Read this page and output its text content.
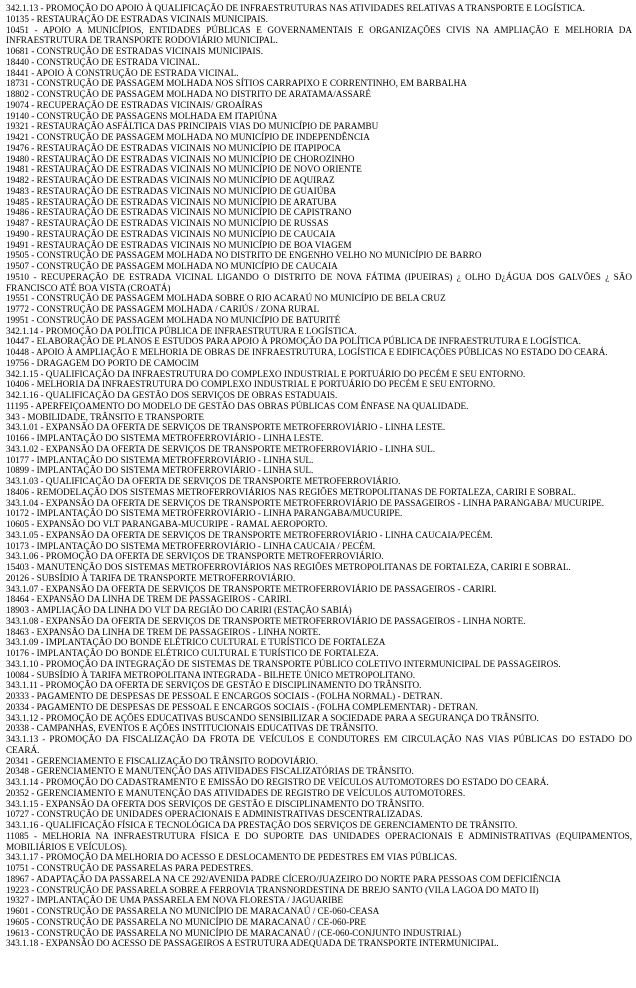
342.1.13 - PROMOÇÃO DO APOIO À QUALIFICAÇÃO DE INFRAESTRUTURAS NAS ATIVIDADES RELATIVAS A TRANSPORTE E LOGÍSTICA.

10135 - RESTAURAÇÃO DE ESTRADAS VICINAIS MUNICIPAIS.

10451 - APOIO A MUNICÍPIOS, ENTIDADES PÚBLICAS E GOVERNAMENTAIS E ORGANIZAÇÕES CIVIS NA AMPLIAÇÃO E MELHORIA DA INFRAESTRUTURA DE TRANSPORTE RODOVIÁRIO MUNICIPAL.

10681 - CONSTRUÇÃO DE ESTRADAS VICINAIS MUNICIPAIS.

18440 - CONSTRUÇÃO DE ESTRADA VICINAL.

18441 - APOIO À CONSTRUÇÃO DE ESTRADA VICINAL.

18731 - CONSTRUÇÃO DE PASSAGEM MOLHADA NOS SÍTIOS CARRAPIXO E CORRENTINHO, EM BARBALHA

18802 - CONSTRUÇÃO DE PASSAGEM MOLHADA NO DISTRITO DE ARATAMA/ASSARÉ

19074 - RECUPERAÇÃO DE ESTRADAS VICINAIS/ GROAÍRAS

19140 - CONSTRUÇÃO DE PASSAGENS MOLHADA EM ITAPIÚNA

19321 - RESTAURAÇÃO ASFÁLTICA DAS PRINCIPAIS VIAS DO MUNICÍPIO DE PARAMBU

19421 - CONSTRUÇÃO DE PASSAGEM MOLHADA NO MUNICÍPIO DE INDEPENDÊNCIA

19476 - RESTAURAÇÃO DE ESTRADAS VICINAIS NO MUNICÍPIO DE ITAPIPOCA

19480 - RESTAURAÇÃO DE ESTRADAS VICINAIS NO MUNICÍPIO DE CHOROZINHO

19481 - RESTAURAÇÃO DE ESTRADAS VICINAIS NO MUNICÍPIO DE NOVO ORIENTE

19482 - RESTAURAÇÃO DE ESTRADAS VICINAIS NO MUNICÍPIO DE AQUIRAZ

19483 - RESTAURAÇÃO DE ESTRADAS VICINAIS NO MUNICÍPIO DE GUAIÚBA

19485 - RESTAURAÇÃO DE ESTRADAS VICINAIS NO MUNICÍPIO DE ARATUBA

19486 - RESTAURAÇÃO DE ESTRADAS VICINAIS NO MUNICÍPIO DE CAPISTRANO

19487 - RESTAURAÇÃO DE ESTRADAS VICINAIS NO MUNICÍPIO DE RUSSAS

19490 - RESTAURAÇÃO DE ESTRADAS VICINAIS NO MUNICÍPIO DE CAUCAIA

19491 - RESTAURAÇÃO DE ESTRADAS VICINAIS NO MUNICÍPIO DE BOA VIAGEM

19505 - CONSTRUÇÃO DE PASSAGEM MOLHADA NO DISTRITO DE ENGENHO VELHO NO MUNICÍPIO DE BARRO

19507 - CONSTRUÇÃO DE PASSAGEM MOLHADA NO MUNICÍPIO DE CAUCAIA

19510 - RECUPERAÇÃO DE ESTRADA VICINAL LIGANDO O DISTRITO DE NOVA FÁTIMA (IPUEIRAS) ¿ OLHO D¿ÁGUA DOS GALVÕES ¿ SÃO FRANCISCO ATÉ BOA VISTA (CROATÁ)

19551 - CONSTRUÇÃO DE PASSAGEM MOLHADA SOBRE O RIO ACARAÚ NO MUNICÍPIO DE BELA CRUZ

19772 - CONSTRUÇÃO DE PASSAGEM MOLHADA / CARIÚS / ZONA RURAL

19951 - CONSTRUÇÃO DE PASSAGEM MOLHADA NO MUNICÍPIO DE BATURITÉ

342.1.14 - PROMOÇÃO DA POLÍTICA PÚBLICA DE INFRAESTRUTURA E LOGÍSTICA.

10447 - ELABORAÇÃO DE PLANOS E ESTUDOS PARA APOIO À PROMOÇÃO DA POLÍTICA PÚBLICA DE INFRAESTRUTURA E LOGÍSTICA.

10448 - APOIO À AMPLIAÇÃO E MELHORIA DE OBRAS DE INFRAESTRUTURA, LOGÍSTICA E EDIFICAÇÕES PÚBLICAS NO ESTADO DO CEARÁ.

19756 - DRAGAGEM DO PORTO DE CAMOCIM

342.1.15 - QUALIFICAÇÃO DA INFRAESTRUTURA DO COMPLEXO INDUSTRIAL E PORTUÁRIO DO PECÉM E SEU ENTORNO.

10406 - MELHORIA DA INFRAESTRUTURA DO COMPLEXO INDUSTRIAL E PORTUÁRIO DO PECÉM E SEU ENTORNO.

342.1.16 - QUALIFICAÇÃO DA GESTÃO DOS SERVIÇOS DE OBRAS ESTADUAIS.

11195 - APERFEIÇOAMENTO DO MODELO DE GESTÃO DAS OBRAS PÚBLICAS COM ÊNFASE NA QUALIDADE.

343 - MOBILIDADE, TRÂNSITO E TRANSPORTE

343.1.01 - EXPANSÃO DA OFERTA DE SERVIÇOS DE TRANSPORTE METROFERROVIÁRIO - LINHA LESTE.

10166 - IMPLANTAÇÃO DO SISTEMA METROFERROVIÁRIO - LINHA LESTE.

343.1.02 - EXPANSÃO DA OFERTA DE SERVIÇOS DE TRANSPORTE METROFERROVIÁRIO - LINHA SUL.

10177 - IMPLANTAÇÃO DO SISTEMA METROFERROVIÁRIO - LINHA SUL.

10899 - IMPLANTAÇÃO DO SISTEMA METROFERROVIÁRIO - LINHA SUL.

343.1.03 - QUALIFICAÇÃO DA OFERTA DE SERVIÇOS DE TRANSPORTE METROFERROVIÁRIO.

18406 - REMODELAÇÃO DOS SISTEMAS METROFERROVIÁRIOS NAS REGIÕES METROPOLITANAS DE FORTALEZA, CARIRI E SOBRAL.

343.1.04 - EXPANSÃO DA OFERTA DE SERVIÇOS DE TRANSPORTE METROFERROVIÁRIO DE PASSAGEIROS - LINHA PARANGABA/ MUCURIPE.

10172 - IMPLANTAÇÃO DO SISTEMA METROFERROVIÁRIO - LINHA PARANGABA/MUCURIPE.

10605 - EXPANSÃO DO VLT PARANGABA-MUCURIPE - RAMAL AEROPORTO.

343.1.05 - EXPANSÃO DA OFERTA DE SERVIÇOS DE TRANSPORTE METROFERROVIÁRIO - LINHA CAUCAIA/PECÉM.

10173 - IMPLANTAÇÃO DO SISTEMA METROFERROVIÁRIO - LINHA CAUCAIA / PECÉM.

343.1.06 - PROMOÇÃO DA OFERTA DE SERVIÇOS DE TRANSPORTE METROFERROVIÁRIO.

15403 - MANUTENÇÃO DOS SISTEMAS METROFERROVIÁRIOS NAS REGIÕES METROPOLITANAS DE FORTALEZA, CARIRI E SOBRAL.

20126 - SUBSÍDIO À TARIFA DE TRANSPORTE METROFERROVIÁRIO.

343.1.07 - EXPANSÃO DA OFERTA DE SERVIÇOS DE TRANSPORTE METROFERROVIÁRIO DE PASSAGEIROS - CARIRI.

18464 - EXPANSÃO DA LINHA DE TREM DE PASSAGEIROS - CARIRI.

18903 - AMPLIAÇÃO DA LINHA DO VLT DA REGIÃO DO CARIRI (ESTAÇÃO SABIÁ)

343.1.08 - EXPANSÃO DA OFERTA DE SERVIÇOS DE TRANSPORTE METROFERROVIÁRIO DE PASSAGEIROS - LINHA NORTE.

18463 - EXPANSÃO DA LINHA DE TREM DE PASSAGEIROS - LINHA NORTE.

343.1.09 - IMPLANTAÇÃO DO BONDE ELÉTRICO CULTURAL E TURÍSTICO DE FORTALEZA

10176 - IMPLANTAÇÃO DO BONDE ELÉTRICO CULTURAL E TURÍSTICO DE FORTALEZA.

343.1.10 - PROMOÇÃO DA INTEGRAÇÃO DE SISTEMAS DE TRANSPORTE PÚBLICO COLETIVO INTERMUNICIPAL DE PASSAGEIROS.

10084 - SUBSÍDIO À TARIFA METROPOLITANA INTEGRADA - BILHETE ÚNICO METROPOLITANO.

343.1.11 - PROMOÇÃO DA OFERTA DE SERVIÇOS DE GESTÃO E DISCIPLINAMENTO DO TRÂNSITO.

20333 - PAGAMENTO DE DESPESAS DE PESSOAL E ENCARGOS SOCIAIS - (FOLHA NORMAL) - DETRAN.

20334 - PAGAMENTO DE DESPESAS DE PESSOAL E ENCARGOS SOCIAIS - (FOLHA COMPLEMENTAR) - DETRAN.

343.1.12 - PROMOÇÃO DE AÇÕES EDUCATIVAS BUSCANDO SENSIBILIZAR A SOCIEDADE PARA A SEGURANÇA DO TRÂNSITO.

20338 - CAMPANHAS, EVENTOS E AÇÕES INSTITUCIONAIS EDUCATIVAS DE TRÂNSITO.

343.1.13 - PROMOÇÃO DA FISCALIZAÇÃO DA FROTA DE VEÍCULOS E CONDUTORES EM CIRCULAÇÃO NAS VIAS PÚBLICAS DO ESTADO DO CEARÁ.

20341 - GERENCIAMENTO E FISCALIZAÇÃO DO TRÂNSITO RODOVIÁRIO.

20348 - GERENCIAMENTO E MANUTENÇÃO DAS ATIVIDADES FISCALIZATÓRIAS DE TRÂNSITO.

343.1.14 - PROMOÇÃO DO CADASTRAMENTO E EMISSÃO DO REGISTRO DE VEÍCULOS AUTOMOTORES DO ESTADO DO CEARÁ.

20352 - GERENCIAMENTO E MANUTENÇÃO DAS ATIVIDADES DE REGISTRO DE VEÍCULOS AUTOMOTORES.

343.1.15 - EXPANSÃO DA OFERTA DOS SERVIÇOS DE GESTÃO E DISCIPLINAMENTO DO TRÂNSITO.

10727 - CONSTRUÇÃO DE UNIDADES OPERACIONAIS E ADMINISTRATIVAS DESCENTRALIZADAS.

343.1.16 - QUALIFICAÇÃO FÍSICA E TECNOLÓGICA DA PRESTAÇÃO DOS SERVIÇOS DE GERENCIAMENTO DE TRÂNSITO.

11085 - MELHORIA NA INFRAESTRUTURA FÍSICA E DO SUPORTE DAS UNIDADES OPERACIONAIS E ADMINISTRATIVAS (EQUIPAMENTOS, MOBILIÁRIOS E VEÍCULOS).

343.1.17 - PROMOÇÃO DA MELHORIA DO ACESSO E DESLOCAMENTO DE PEDESTRES EM VIAS PÚBLICAS.

10751 - CONSTRUÇÃO DE PASSARELAS PARA PEDESTRES.

18967 - ADAPTAÇÃO DA PASSARELA NA CE 292/AVENIDA PADRE CÍCERO/JUAZEIRO DO NORTE PARA PESSOAS COM DEFICIÊNCIA

19223 - CONSTRUÇÃO DE PASSARELA SOBRE A FERROVIA TRANSNORDESTINA DE BREJO SANTO (VILA LAGOA DO MATO II)

19327 - IMPLANTAÇÃO DE UMA PASSARELA EM NOVA FLORESTA / JAGUARIBE

19601 - CONSTRUÇÃO DE PASSARELA NO MUNICÍPIO DE MARACANAÚ / CE-060-CEASA

19605 - CONSTRUÇÃO DE PASSARELA NO MUNICÍPIO DE MARACANAÚ / CE-060-PRE

19613 - CONSTRUÇÃO DE PASSARELA NO MUNICÍPIO DE MARACANAÚ / (CE-060-CONJUNTO INDUSTRIAL)

343.1.18 - EXPANSÃO DO ACESSO DE PASSAGEIROS A ESTRUTURA ADEQUADA DE TRANSPORTE INTERMUNICIPAL.
